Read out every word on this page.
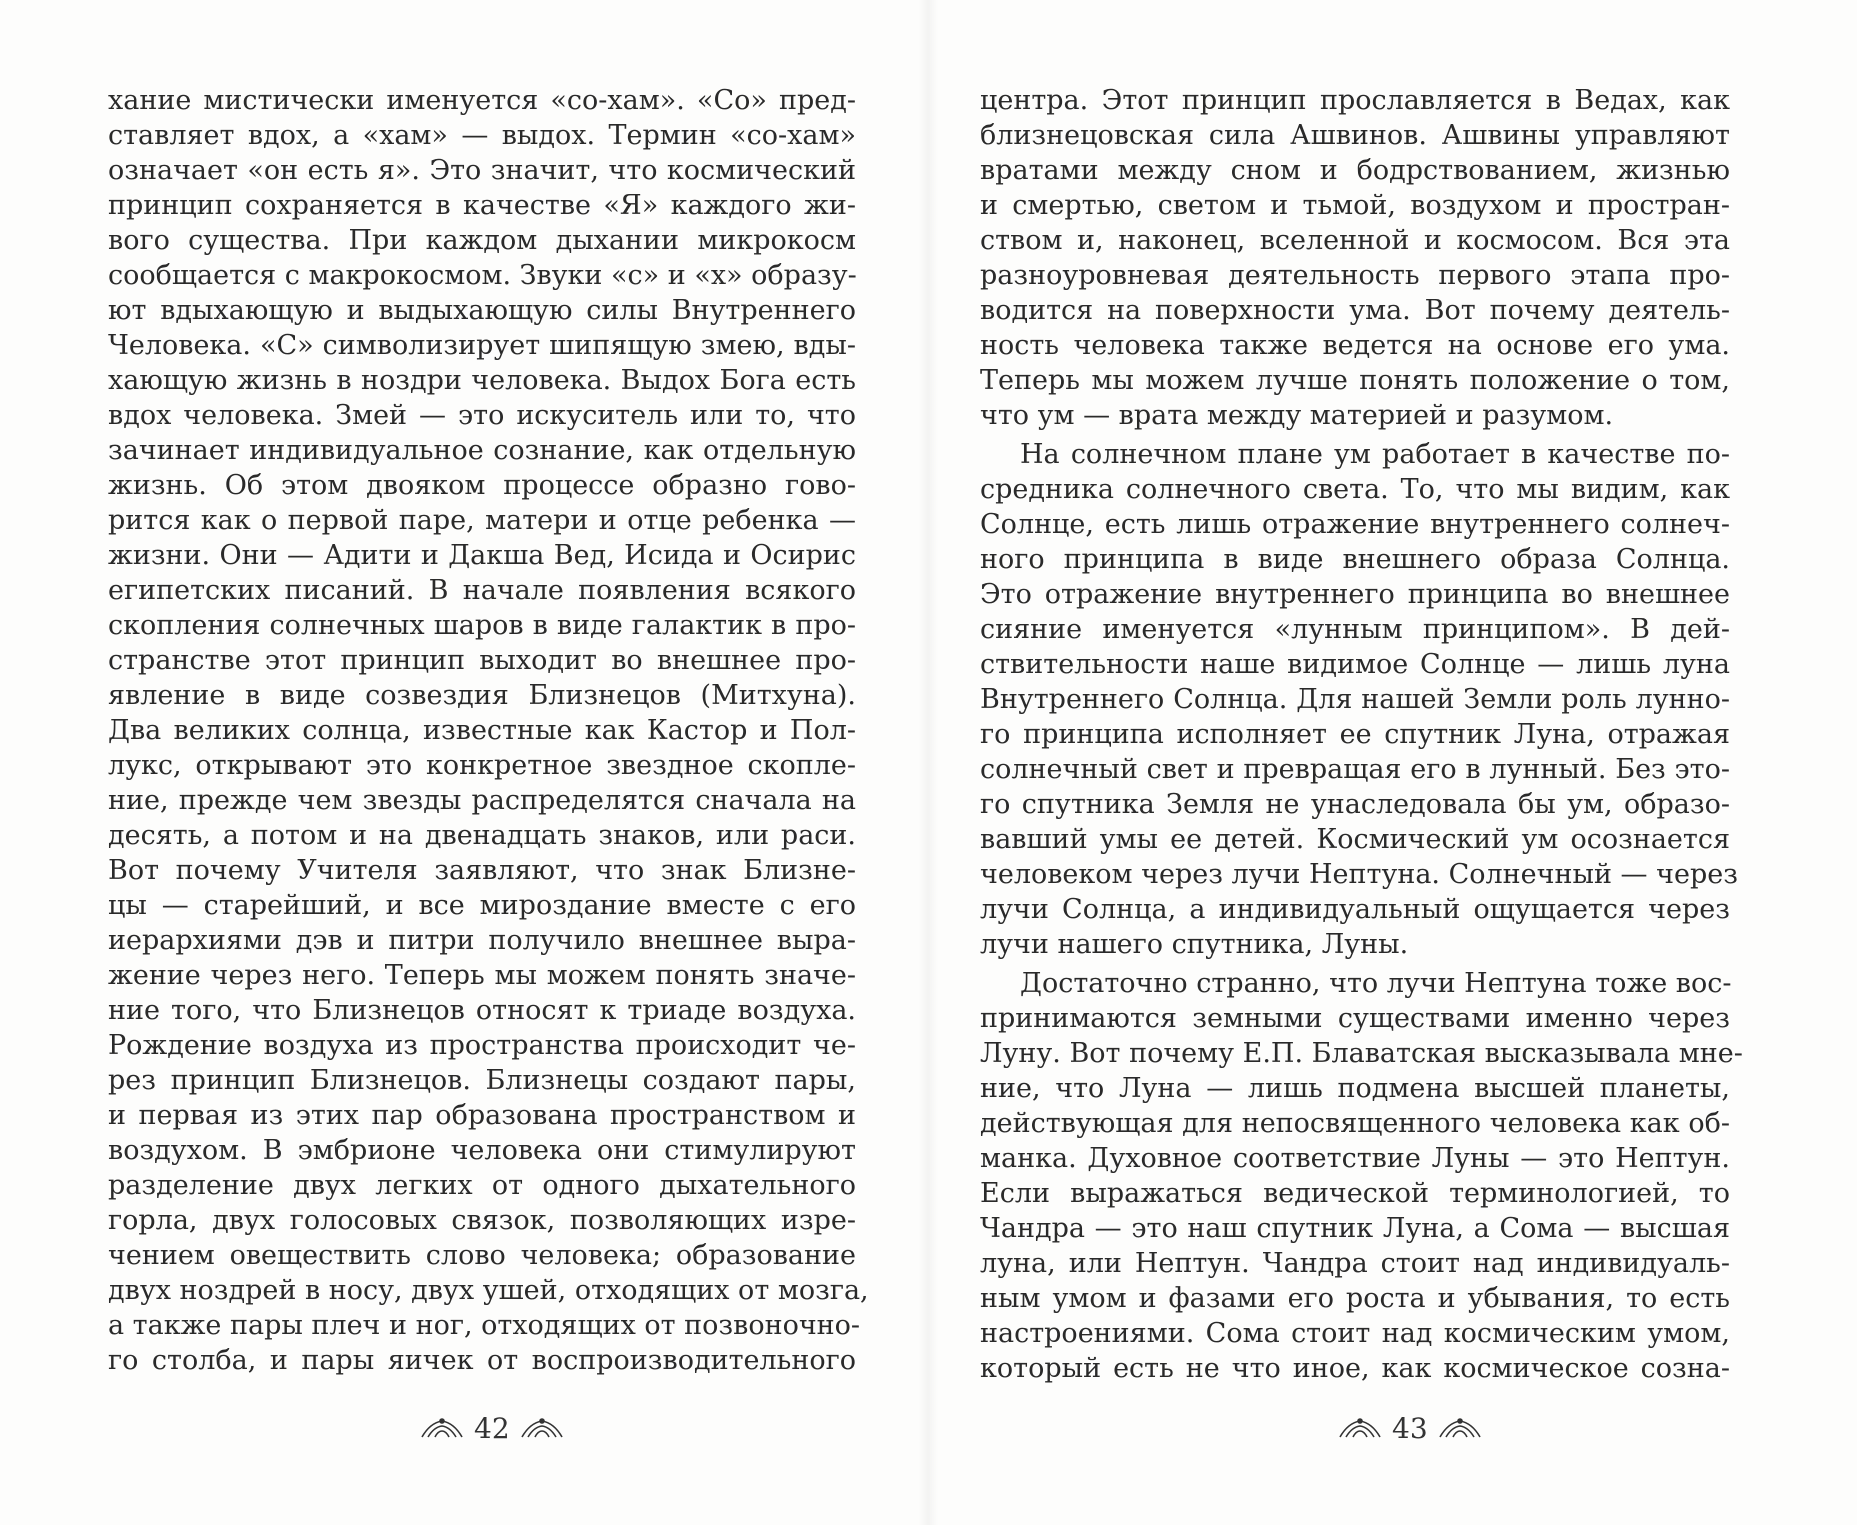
хание мистически именуется «со-хам». «Со» пред-
ставляет вдох, а «хам» — выдох. Термин «со-хам»
означает «он есть я». Это значит, что космический
принцип сохраняется в качестве «Я» каждого жи-
вого существа. При каждом дыхании микрокосм
сообщается с макрокосмом. Звуки «с» и «х» образу-
ют вдыхающую и выдыхающую силы Внутреннего
Человека. «С» символизирует шипящую змею, вды-
хающую жизнь в ноздри человека. Выдох Бога есть
вдох человека. Змей — это искуситель или то, что
зачинает индивидуальное сознание, как отдельную
жизнь. Об этом двояком процессе образно гово-
рится как о первой паре, матери и отце ребенка —
жизни. Они — Адити и Дакша Вед, Исида и Осирис
египетских писаний. В начале появления всякого
скопления солнечных шаров в виде галактик в про-
странстве этот принцип выходит во внешнее про-
явление в виде созвездия Близнецов (Митхуна).
Два великих солнца, известные как Кастор и Пол-
лукс, открывают это конкретное звездное скопле-
ние, прежде чем звезды распределятся сначала на
десять, а потом и на двенадцать знаков, или раси.
Вот почему Учителя заявляют, что знак Близне-
цы — старейший, и все мироздание вместе с его
иерархиями дэв и питри получило внешнее выра-
жение через него. Теперь мы можем понять значе-
ние того, что Близнецов относят к триаде воздуха.
Рождение воздуха из пространства происходит че-
рез принцип Близнецов. Близнецы создают пары,
и первая из этих пар образована пространством и
воздухом. В эмбрионе человека они стимулируют
разделение двух легких от одного дыхательного
горла, двух голосовых связок, позволяющих изре-
чением овеществить слово человека; образование
двух ноздрей в носу, двух ушей, отходящих от мозга,
а также пары плеч и ног, отходящих от позвоночно-
го столба, и пары яичек от воспроизводительного
42
центра. Этот принцип прославляется в Ведах, как
близнецовская сила Ашвинов. Ашвины управляют
вратами между сном и бодрствованием, жизнью
и смертью, светом и тьмой, воздухом и простран-
ством и, наконец, вселенной и космосом. Вся эта
разноуровневая деятельность первого этапа про-
водится на поверхности ума. Вот почему деятель-
ность человека также ведется на основе его ума.
Теперь мы можем лучше понять положение о том,
что ум — врата между материей и разумом.
На солнечном плане ум работает в качестве по-
средника солнечного света. То, что мы видим, как
Солнце, есть лишь отражение внутреннего солнеч-
ного принципа в виде внешнего образа Солнца.
Это отражение внутреннего принципа во внешнее
сияние именуется «лунным принципом». В дей-
ствительности наше видимое Солнце — лишь луна
Внутреннего Солнца. Для нашей Земли роль лунно-
го принципа исполняет ее спутник Луна, отражая
солнечный свет и превращая его в лунный. Без это-
го спутника Земля не унаследовала бы ум, образо-
вавший умы ее детей. Космический ум осознается
человеком через лучи Нептуна. Солнечный — через
лучи Солнца, а индивидуальный ощущается через
лучи нашего спутника, Луны.
Достаточно странно, что лучи Нептуна тоже вос-
принимаются земными существами именно через
Луну. Вот почему Е.П. Блаватская высказывала мне-
ние, что Луна — лишь подмена высшей планеты,
действующая для непосвященного человека как об-
манка. Духовное соответствие Луны — это Нептун.
Если выражаться ведической терминологией, то
Чандра — это наш спутник Луна, а Сома — высшая
луна, или Нептун. Чандра стоит над индивидуаль-
ным умом и фазами его роста и убывания, то есть
настроениями. Сома стоит над космическим умом,
который есть не что иное, как космическое созна-
43
